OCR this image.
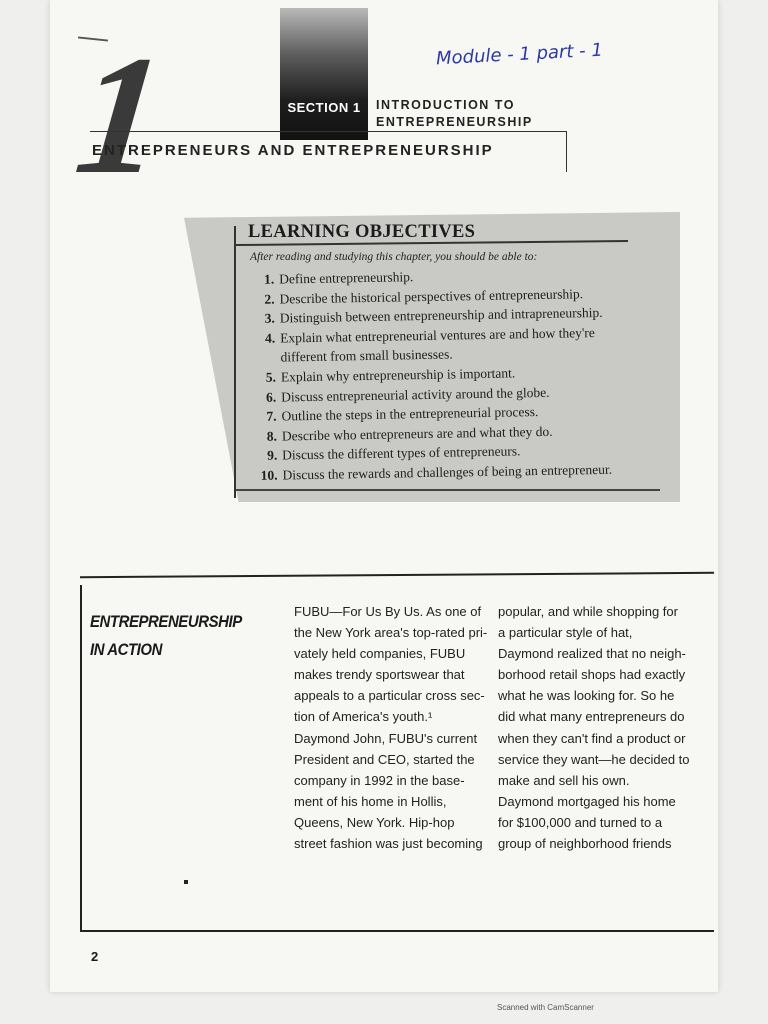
1	SECTION 1	INTRODUCTION TO
ENTREPRENEURSHIP
Module - 1 part - 1
ENTREPRENEURS AND ENTREPRENEURSHIP
LEARNING OBJECTIVES
After reading and studying this chapter, you should be able to:
1. Define entrepreneurship.
2. Describe the historical perspectives of entrepreneurship.
3. Distinguish between entrepreneurship and intrapreneurship.
4. Explain what entrepreneurial ventures are and how they're
different from small businesses.
5. Explain why entrepreneurship is important.
6. Discuss entrepreneurial activity around the globe.
7. Outline the steps in the entrepreneurial process.
8. Describe who entrepreneurs are and what they do.
9. Discuss the different types of entrepreneurs.
10. Discuss the rewards and challenges of being an entrepreneur.
ENTREPRENEURSHIP
IN ACTION
FUBU—For Us By Us. As one of
the New York area's top-rated pri-
vately held companies, FUBU
makes trendy sportswear that
appeals to a particular cross sec-
tion of America's youth.¹
Daymond John, FUBU's current
President and CEO, started the
company in 1992 in the base-
ment of his home in Hollis,
Queens, New York. Hip-hop
street fashion was just becoming
popular, and while shopping for
a particular style of hat,
Daymond realized that no neigh-
borhood retail shops had exactly
what he was looking for. So he
did what many entrepreneurs do
when they can't find a product or
service they want—he decided to
make and sell his own.
Daymond mortgaged his home
for $100,000 and turned to a
group of neighborhood friends
2
Scanned with CamScanner
